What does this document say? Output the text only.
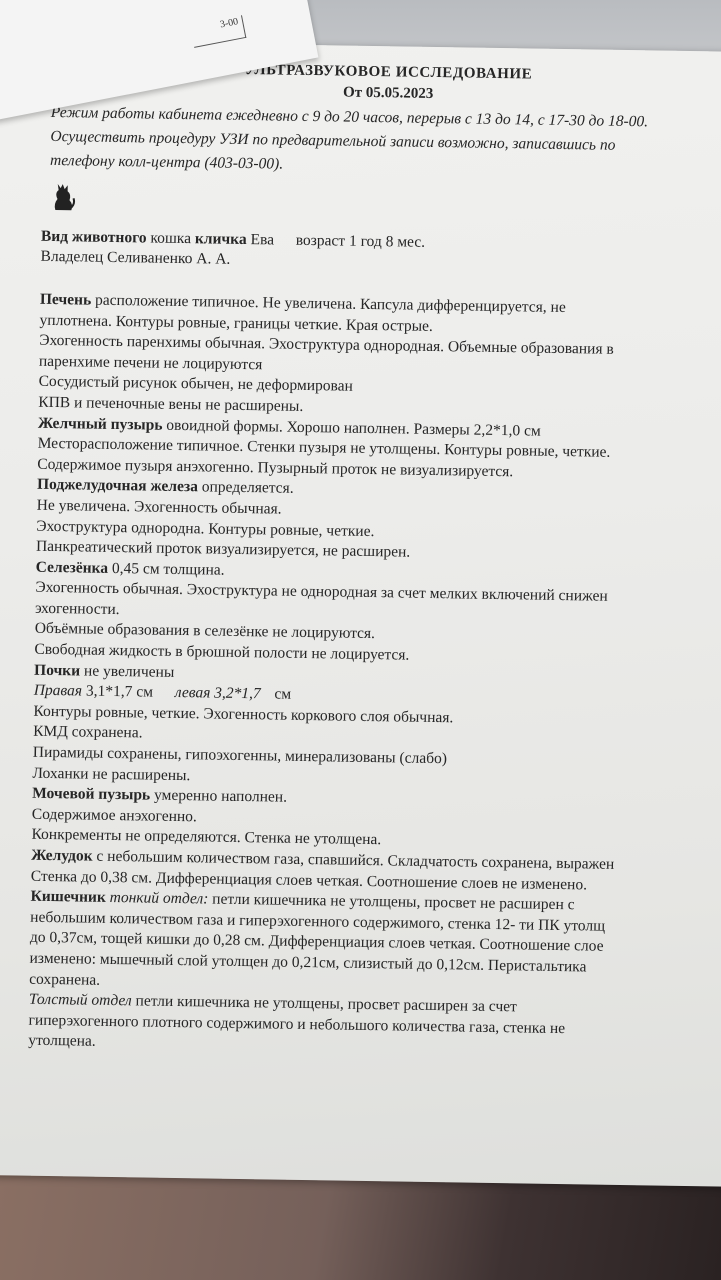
УЛЬТРАЗВУКОВОЕ ИССЛЕДОВАНИЕ
От 05.05.2023
Режим работы кабинета ежедневно с 9 до 20 часов, перерыв с 13 до 14, с 17-30 до 18-00.
Осуществить процедуру УЗИ по предварительной записи возможно, записавшись по
телефону колл-центра (403-03-00).
Вид животного кошка кличка Ева возраст 1 год 8 мес.
Владелец Селиваненко А. А.
Печень расположение типичное. Не увеличена. Капсула дифференцируется, не
уплотнена. Контуры ровные, границы четкие. Края острые.
Эхогенность паренхимы обычная. Эхоструктура однородная. Объемные образования в
паренхиме печени не лоцируются
Сосудистый рисунок обычен, не деформирован
КПВ и печеночные вены не расширены.
Желчный пузырь овоидной формы. Хорошо наполнен. Размеры 2,2*1,0 см
Месторасположение типичное. Стенки пузыря не утолщены. Контуры ровные, четкие.
Содержимое пузыря анэхогенно. Пузырный проток не визуализируется.
Поджелудочная железа определяется.
Не увеличена. Эхогенность обычная.
Эхоструктура однородна. Контуры ровные, четкие.
Панкреатический проток визуализируется, не расширен.
Селезёнка 0,45 см толщина.
Эхогенность обычная. Эхоструктура не однородная за счет мелких включений снижен
эхогенности.
Объёмные образования в селезёнке не лоцируются.
Свободная жидкость в брюшной полости не лоцируется.
Почки не увеличены
Правая 3,1*1,7 см левая 3,2*1,7 см
Контуры ровные, четкие. Эхогенность коркового слоя обычная.
КМД сохранена.
Пирамиды сохранены, гипоэхогенны, минерализованы (слабо)
Лоханки не расширены.
Мочевой пузырь умеренно наполнен.
Содержимое анэхогенно.
Конкременты не определяются. Стенка не утолщена.
Желудок с небольшим количеством газа, спавшийся. Складчатость сохранена, выражен
Стенка до 0,38 см. Дифференциация слоев четкая. Соотношение слоев не изменено.
Кишечник тонкий отдел: петли кишечника не утолщены, просвет не расширен с
небольшим количеством газа и гиперэхогенного содержимого, стенка 12- ти ПК утолщ
до 0,37см, тощей кишки до 0,28 см. Дифференциация слоев четкая. Соотношение слое
изменено: мышечный слой утолщен до 0,21см, слизистый до 0,12см. Перистальтика
сохранена.
Толстый отдел петли кишечника не утолщены, просвет расширен за счет
гиперэхогенного плотного содержимого и небольшого количества газа, стенка не
утолщена.
3-00
